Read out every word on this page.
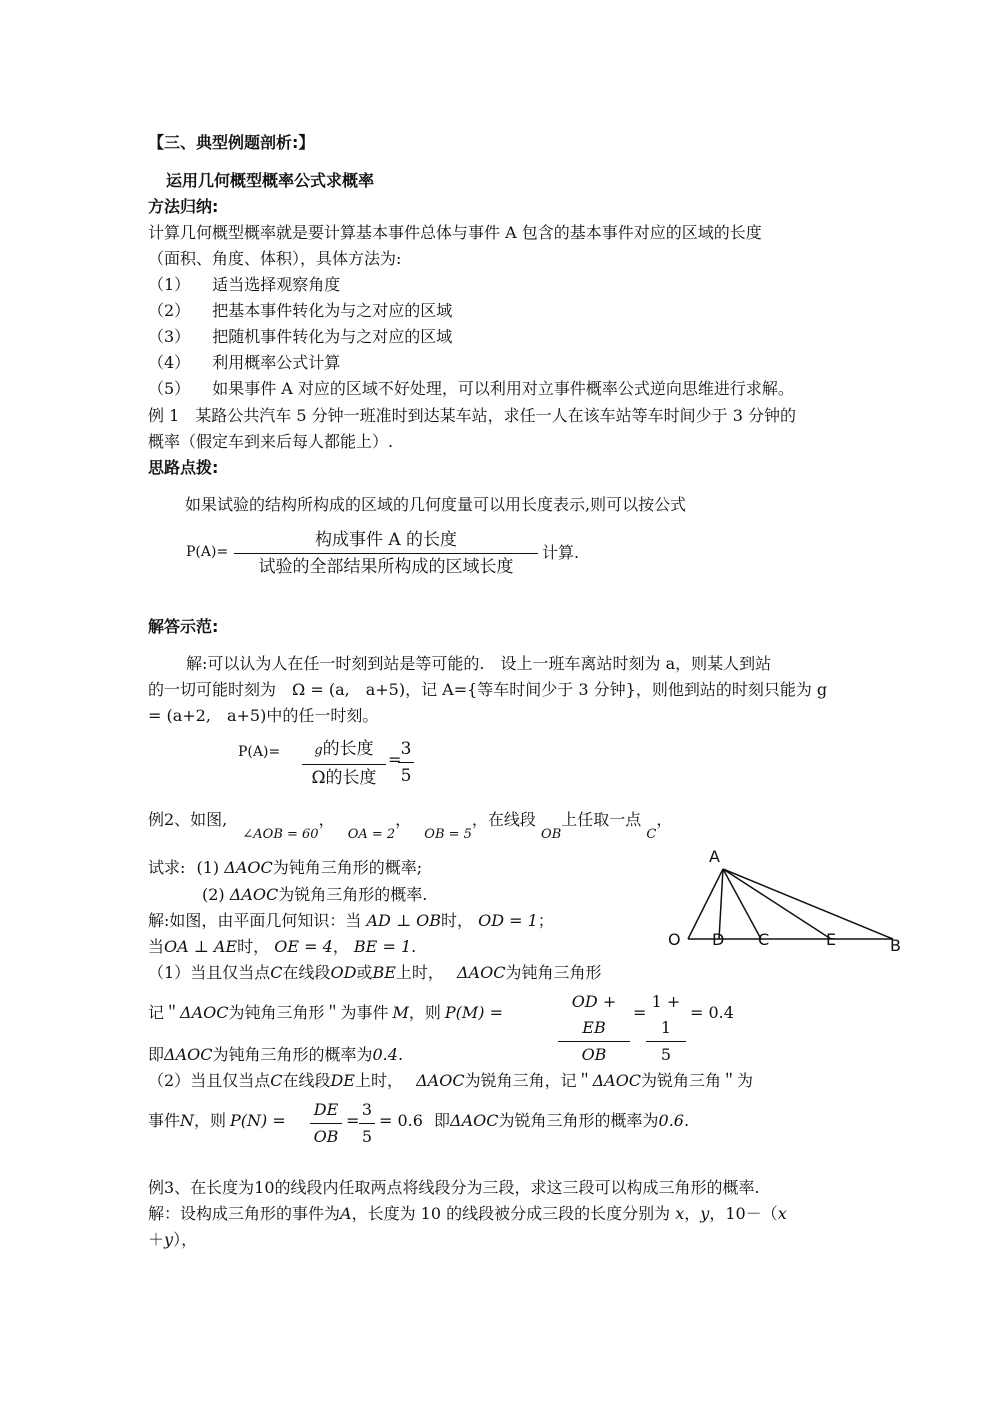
【三、典型例题剖析:】
运用几何概型概率公式求概率
方法归纳:
计算几何概型概率就是要计算基本事件总体与事件 A 包含的基本事件对应的区域的长度
（面积、角度、体积），具体方法为:
（1） 适当选择观察角度
（2） 把基本事件转化为与之对应的区域
（3） 把随机事件转化为与之对应的区域
（4） 利用概率公式计算
（5） 如果事件 A 对应的区域不好处理，可以利用对立事件概率公式逆向思维进行求解。
例 1　某路公共汽车 5 分钟一班准时到达某车站，求任一人在该车站等车时间少于 3 分钟的
概率（假定车到来后每人都能上）.
思路点拨:
如果试验的结构所构成的区域的几何度量可以用长度表示,则可以按公式
P(A)=
构成事件 A 的长度
试验的全部结果所构成的区域长度
计算.
解答示范:
解:可以认为人在任一时刻到站是等可能的.　设上一班车离站时刻为 a，则某人到站
的一切可能时刻为　Ω = (a,　a+5)，记 A={等车时间少于 3 分钟}，则他到站的时刻只能为 g
= (a+2,　a+5)中的任一时刻。
P(A)=	g的长度
Ω的长度
=
3
5
例2、如图, $_{\angle AOB = 60}$， $_{OA = 2}$， $_{OB = 5}$，在线段 $_{OB}$上任取一点 $_C$，
试求: (1) ΔAOC为钝角三角形的概率;
(2) ΔAOC为锐角三角形的概率.
解:如图，由平面几何知识：当 AD ⊥ OB时， OD = 1；
当OA ⊥ AE时， OE = 4， BE = 1.
（1）当且仅当点C在线段OD或BE上时， ΔAOC为钝角三角形
记＂ΔAOC为钝角三角形＂为事件 M，则 P(M) =
OD + EB
OB
=
1 + 1
5
= 0.4
即ΔAOC为钝角三角形的概率为0.4.
（2）当且仅当点C在线段DE上时， ΔAOC为锐角三角，记＂ΔAOC为锐角三角＂为
事件N，则 P(N) =
DE
OB
=
3
5
= 0.6 即ΔAOC为锐角三角形的概率为0.6.
A
O D C	E	B
例3、在长度为10的线段内任取两点将线段分为三段，求这三段可以构成三角形的概率.
解：设构成三角形的事件为A，长度为 10 的线段被分成三段的长度分别为 x，y，10－（x
＋y），
